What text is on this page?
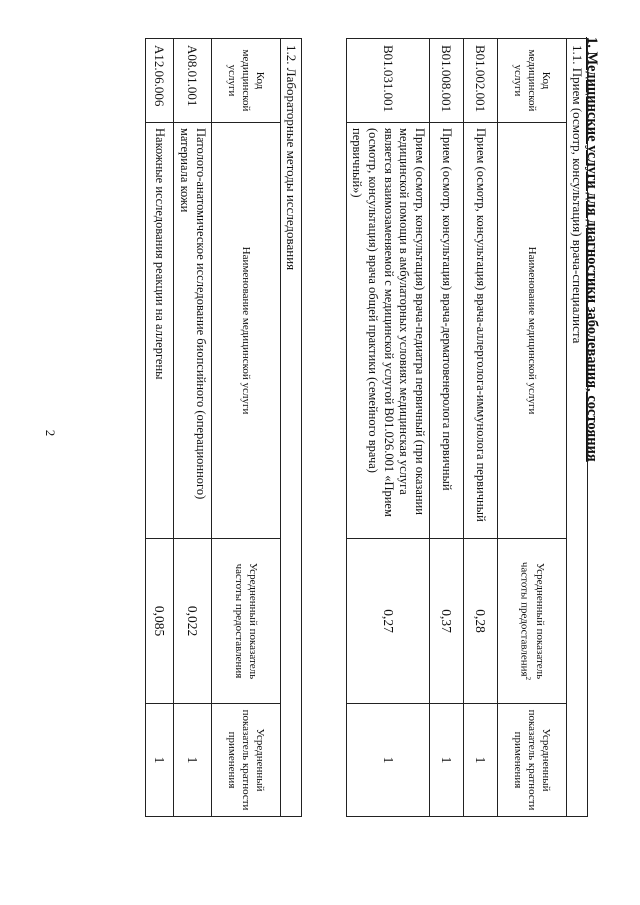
2	1. Медицинские услуги для диагностики заболевания, состояния
1.1. Прием (осмотр, консультация) врача-специалиста			
Код медицинской услуги	Наименование медицинской услуги	Усредненный показатель частоты предоставления$^2$	Усредненный показатель кратности применения
B01.002.001	Прием (осмотр, консультация) врача-аллерголога-иммунолога первичный	0,28	1
B01.008.001	Прием (осмотр, консультация) врача-дерматовенеролога первичный	0,37	1
B01.031.001	Прием (осмотр, консультация) врача-педиатра первичный (при оказании медицинской помощи в амбулаторных условиях медицинская услуга является взаимозаменяемой с медицинской услугой B01.026.001 «Прием (осмотр, консультация) врача общей практики (семейного врача) первичный»)	0,27	1
1.2. Лабораторные методы исследования			
Код медицинской услуги	Наименование медицинской услуги	Усредненный показатель частоты предоставления	Усредненный показатель кратности применения
A08.01.001	Патолого-анатомическое исследование биопсийного (операционного) материала кожи	0,022	1
A12.06.006	Накожные исследования реакции на аллергены	0,085	1
